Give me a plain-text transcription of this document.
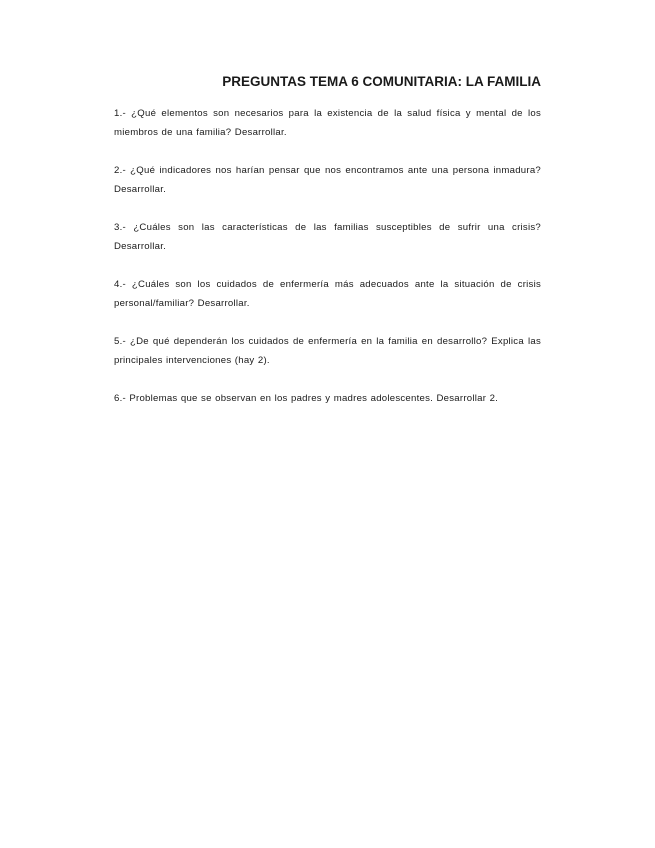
PREGUNTAS TEMA 6 COMUNITARIA: LA FAMILIA
1.- ¿Qué elementos son necesarios para la existencia de la salud física y mental de los miembros de una familia? Desarrollar.
2.- ¿Qué indicadores nos harían pensar que nos encontramos ante una persona inmadura? Desarrollar.
3.- ¿Cuáles son las características de las familias susceptibles de sufrir una crisis? Desarrollar.
4.- ¿Cuáles son los cuidados de enfermería más adecuados ante la situación de crisis personal/familiar? Desarrollar.
5.- ¿De qué dependerán los cuidados de enfermería en la familia en desarrollo? Explica las principales intervenciones (hay 2).
6.- Problemas que se observan en los padres y madres adolescentes. Desarrollar 2.
